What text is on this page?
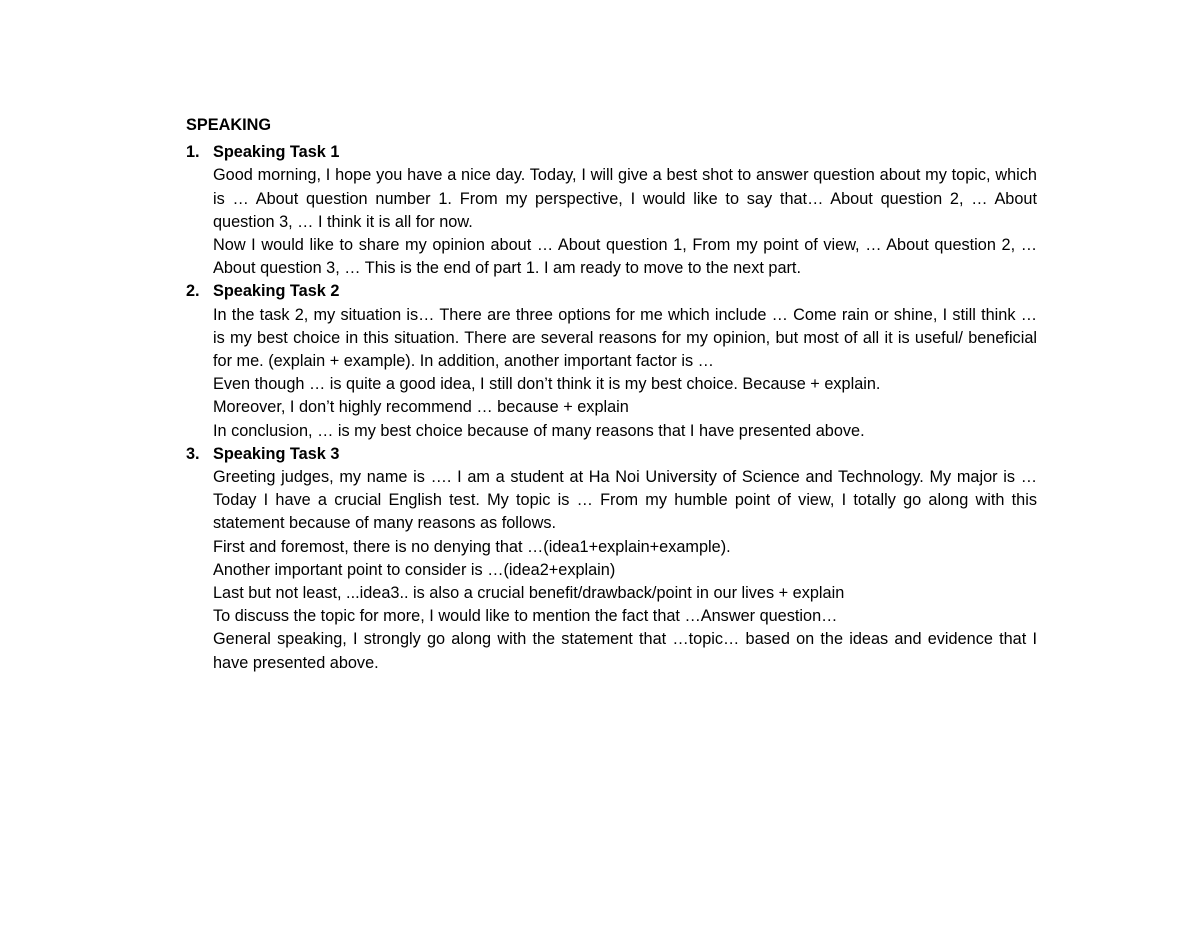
SPEAKING
1. Speaking Task 1

Good morning, I hope you have a nice day. Today, I will give a best shot to answer question about my topic, which is … About question number 1. From my perspective, I would like to say that… About question 2, … About question 3, … I think it is all for now.

Now I would like to share my opinion about … About question 1, From my point of view, … About question 2, … About question 3, … This is the end of part 1. I am ready to move to the next part.

2. Speaking Task 2

In the task 2, my situation is… There are three options for me which include … Come rain or shine, I still think … is my best choice in this situation. There are several reasons for my opinion, but most of all it is useful/ beneficial for me. (explain + example). In addition, another important factor is …

Even though … is quite a good idea, I still don’t think it is my best choice. Because + explain.

Moreover, I don’t highly recommend … because + explain

In conclusion, … is my best choice because of many reasons that I have presented above.

3. Speaking Task 3

Greeting judges, my name is …. I am a student at Ha Noi University of Science and Technology. My major is … Today I have a crucial English test. My topic is … From my humble point of view, I totally go along with this statement because of many reasons as follows.

First and foremost, there is no denying that …(idea1+explain+example).

Another important point to consider is …(idea2+explain)

Last but not least, ...idea3.. is also a crucial benefit/drawback/point in our lives + explain

To discuss the topic for more, I would like to mention the fact that …Answer question…

General speaking, I strongly go along with the statement that …topic… based on the ideas and evidence that I have presented above.
